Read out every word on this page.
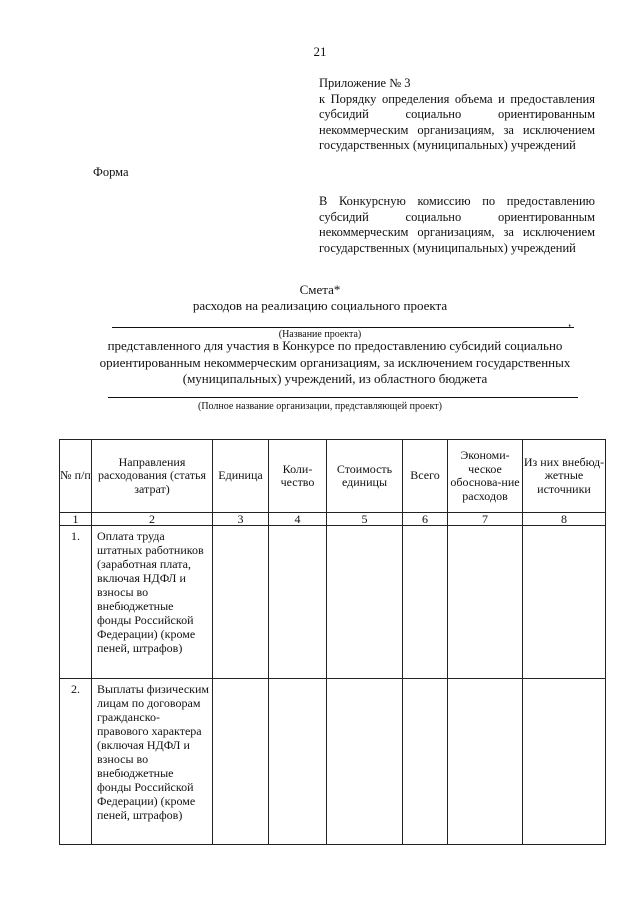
21
Приложение № 3
к Порядку определения объема и предоставления субсидий социально ориентированным некоммерческим организациям, за исключением государственных (муниципальных) учреждений
Форма
В Конкурсную комиссию по предоставлению субсидий социально ориентированным некоммерческим организациям, за исключением государственных (муниципальных) учреждений
Смета*
расходов на реализацию социального проекта
,
(Название проекта)
представленного для участия в Конкурсе по предоставлению субсидий социально ориентированным некоммерческим организациям, за исключением государственных (муниципальных) учреждений, из областного бюджета
(Полное название организации, представляющей проект)
№ п/п	Направления расходования (статья затрат)	Единица	Коли-чество	Стоимость единицы	Всего	Экономи-ческое обоснова-ние расходов	Из них внебюд-жетные источники
1	2	3	4	5	6	7	8
1.	Оплата труда штатных работников (заработная плата, включая НДФЛ и взносы во внебюджетные фонды Российской Федерации) (кроме пеней, штрафов)						
2.	Выплаты физическим лицам по договорам гражданско-правового характера (включая НДФЛ и взносы во внебюджетные фонды Российской Федерации) (кроме пеней, штрафов)						
